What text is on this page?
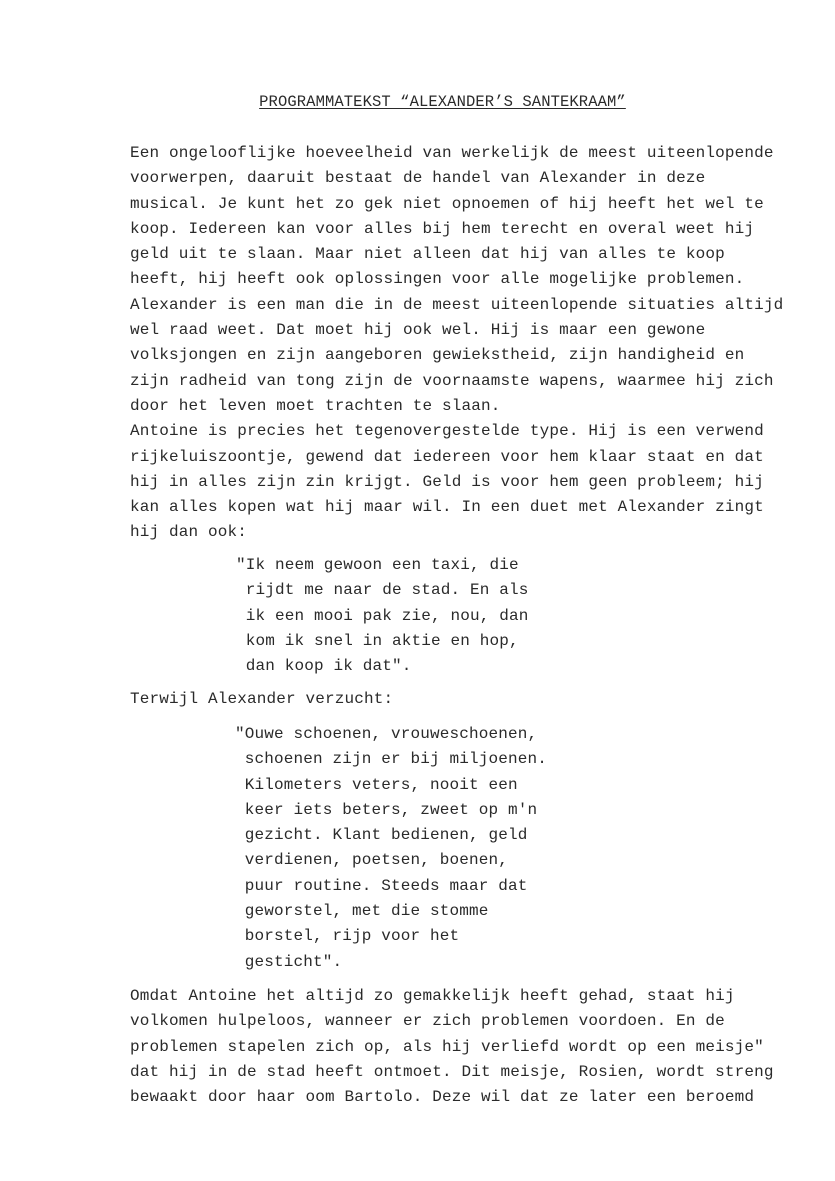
PROGRAMMATEKST “ALEXANDER’S SANTEKRAAM”
Een ongelooflijke hoeveelheid van werkelijk de meest uiteenlopende
voorwerpen, daaruit bestaat de handel van Alexander in deze
musical. Je kunt het zo gek niet opnoemen of hij heeft het wel te
koop. Iedereen kan voor alles bij hem terecht en overal weet hij
geld uit te slaan. Maar niet alleen dat hij van alles te koop
heeft, hij heeft ook oplossingen voor alle mogelijke problemen.
Alexander is een man die in de meest uiteenlopende situaties altijd
wel raad weet. Dat moet hij ook wel. Hij is maar een gewone
volksjongen en zijn aangeboren gewiekstheid, zijn handigheid en
zijn radheid van tong zijn de voornaamste wapens, waarmee hij zich
door het leven moet trachten te slaan.
Antoine is precies het tegenovergestelde type. Hij is een verwend
rijkeluiszoontje, gewend dat iedereen voor hem klaar staat en dat
hij in alles zijn zin krijgt. Geld is voor hem geen probleem; hij
kan alles kopen wat hij maar wil. In een duet met Alexander zingt
hij dan ook:
"Ik neem gewoon een taxi, die
rijdt me naar de stad. En als
ik een mooi pak zie, nou, dan
kom ik snel in aktie en hop,
dan koop ik dat".
Terwijl Alexander verzucht:
"Ouwe schoenen, vrouweschoenen,
schoenen zijn er bij miljoenen.
Kilometers veters, nooit een
keer iets beters, zweet op m'n
gezicht. Klant bedienen, geld
verdienen, poetsen, boenen,
puur routine. Steeds maar dat
geworstel, met die stomme
borstel, rijp voor het
gesticht".
Omdat Antoine het altijd zo gemakkelijk heeft gehad, staat hij
volkomen hulpeloos, wanneer er zich problemen voordoen. En de
problemen stapelen zich op, als hij verliefd wordt op een meisje"
dat hij in de stad heeft ontmoet. Dit meisje, Rosien, wordt streng
bewaakt door haar oom Bartolo. Deze wil dat ze later een beroemd
